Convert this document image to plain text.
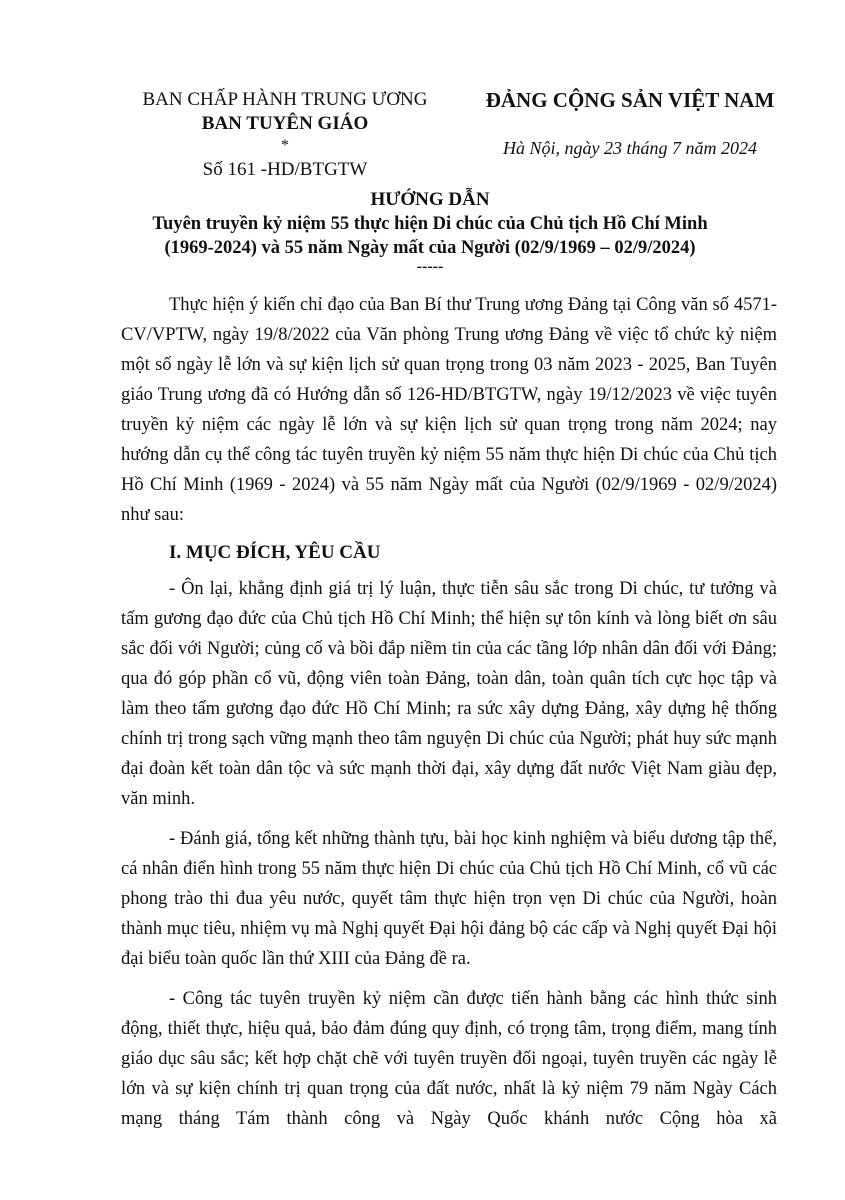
BAN CHẤP HÀNH TRUNG ƯƠNG
BAN TUYÊN GIÁO
*
Số 161 -HD/BTGTW
ĐẢNG CỘNG SẢN VIỆT NAM
Hà Nội, ngày 23 tháng 7 năm 2024
HƯỚNG DẪN
Tuyên truyền kỷ niệm 55 thực hiện Di chúc của Chủ tịch Hồ Chí Minh
(1969-2024) và 55 năm Ngày mất của Người (02/9/1969 – 02/9/2024)
-----

Thực hiện ý kiến chỉ đạo của Ban Bí thư Trung ương Đảng tại Công văn số 4571-CV/VPTW, ngày 19/8/2022 của Văn phòng Trung ương Đảng về việc tổ chức kỷ niệm một số ngày lễ lớn và sự kiện lịch sử quan trọng trong 03 năm 2023 - 2025, Ban Tuyên giáo Trung ương đã có Hướng dẫn số 126-HD/BTGTW, ngày 19/12/2023 về việc tuyên truyền kỷ niệm các ngày lễ lớn và sự kiện lịch sử quan trọng trong năm 2024; nay hướng dẫn cụ thể công tác tuyên truyền kỷ niệm 55 năm thực hiện Di chúc của Chủ tịch Hồ Chí Minh (1969 - 2024) và 55 năm Ngày mất của Người (02/9/1969 - 02/9/2024) như sau:

I. MỤC ĐÍCH, YÊU CẦU

- Ôn lại, khẳng định giá trị lý luận, thực tiễn sâu sắc trong Di chúc, tư tưởng và tấm gương đạo đức của Chủ tịch Hồ Chí Minh; thể hiện sự tôn kính và lòng biết ơn sâu sắc đối với Người; củng cố và bồi đắp niềm tin của các tầng lớp nhân dân đối với Đảng; qua đó góp phần cổ vũ, động viên toàn Đảng, toàn dân, toàn quân tích cực học tập và làm theo tấm gương đạo đức Hồ Chí Minh; ra sức xây dựng Đảng, xây dựng hệ thống chính trị trong sạch vững mạnh theo tâm nguyện Di chúc của Người; phát huy sức mạnh đại đoàn kết toàn dân tộc và sức mạnh thời đại, xây dựng đất nước Việt Nam giàu đẹp, văn minh.

- Đánh giá, tổng kết những thành tựu, bài học kinh nghiệm và biểu dương tập thể, cá nhân điển hình trong 55 năm thực hiện Di chúc của Chủ tịch Hồ Chí Minh, cổ vũ các phong trào thi đua yêu nước, quyết tâm thực hiện trọn vẹn Di chúc của Người, hoàn thành mục tiêu, nhiệm vụ mà Nghị quyết Đại hội đảng bộ các cấp và Nghị quyết Đại hội đại biểu toàn quốc lần thứ XIII của Đảng đề ra.

- Công tác tuyên truyền kỷ niệm cần được tiến hành bằng các hình thức sinh động, thiết thực, hiệu quả, bảo đảm đúng quy định, có trọng tâm, trọng điểm, mang tính giáo dục sâu sắc; kết hợp chặt chẽ với tuyên truyền đối ngoại, tuyên truyền các ngày lễ lớn và sự kiện chính trị quan trọng của đất nước, nhất là kỷ niệm 79 năm Ngày Cách mạng tháng Tám thành công và Ngày Quốc khánh nước Cộng hòa xã
